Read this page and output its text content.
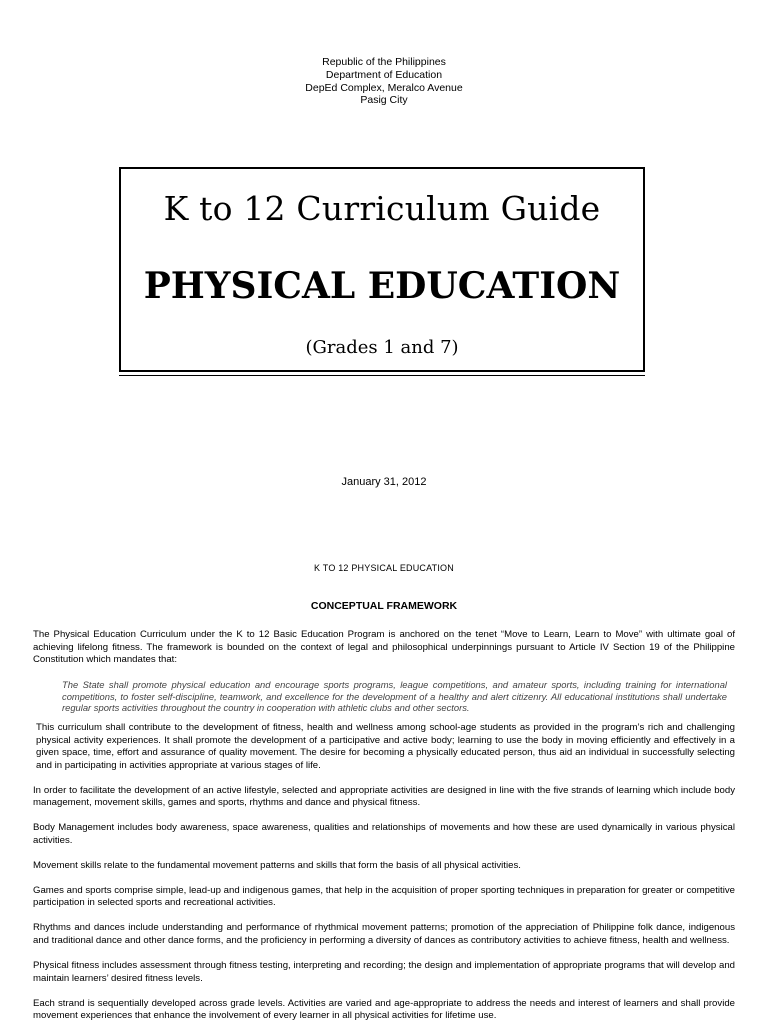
Republic of the Philippines
Department of Education
DepEd Complex, Meralco Avenue
Pasig City
K to 12 Curriculum Guide
PHYSICAL EDUCATION
(Grades 1 and 7)
January 31, 2012
K TO 12 PHYSICAL EDUCATION
CONCEPTUAL FRAMEWORK

The Physical Education Curriculum under the K to 12 Basic Education Program is anchored on the tenet “Move to Learn, Learn to Move” with ultimate goal of achieving lifelong fitness. The framework is bounded on the context of legal and philosophical underpinnings pursuant to Article IV Section 19 of the Philippine Constitution which mandates that:

The State shall promote physical education and encourage sports programs, league competitions, and amateur sports, including training for international competitions, to foster self-discipline, teamwork, and excellence for the development of a healthy and alert citizenry. All educational institutions shall undertake regular sports activities throughout the country in cooperation with athletic clubs and other sectors.

This curriculum shall contribute to the development of fitness, health and wellness among school-age students as provided in the program’s rich and challenging physical activity experiences. It shall promote the development of a participative and active body; learning to use the body in moving efficiently and effectively in a given space, time, effort and assurance of quality movement. The desire for becoming a physically educated person, thus aid an individual in successfully selecting and in participating in activities appropriate at various stages of life.

In order to facilitate the development of an active lifestyle, selected and appropriate activities are designed in line with the five strands of learning which include body management, movement skills, games and sports, rhythms and dance and physical fitness.

Body Management includes body awareness, space awareness, qualities and relationships of movements and how these are used dynamically in various physical activities.

Movement skills relate to the fundamental movement patterns and skills that form the basis of all physical activities.

Games and sports comprise simple, lead-up and indigenous games, that help in the acquisition of proper sporting techniques in preparation for greater or competitive participation in selected sports and recreational activities.

Rhythms and dances include understanding and performance of rhythmical movement patterns; promotion of the appreciation of Philippine folk dance, indigenous and traditional dance and other dance forms, and the proficiency in performing a diversity of dances as contributory activities to achieve fitness, health and wellness.

Physical fitness includes assessment through fitness testing, interpreting and recording; the design and implementation of appropriate programs that will develop and maintain learners’ desired fitness levels.

Each strand is sequentially developed across grade levels. Activities are varied and age-appropriate to address the needs and interest of learners and shall provide movement experiences that enhance the involvement of every learner in all physical activities for lifetime use.
